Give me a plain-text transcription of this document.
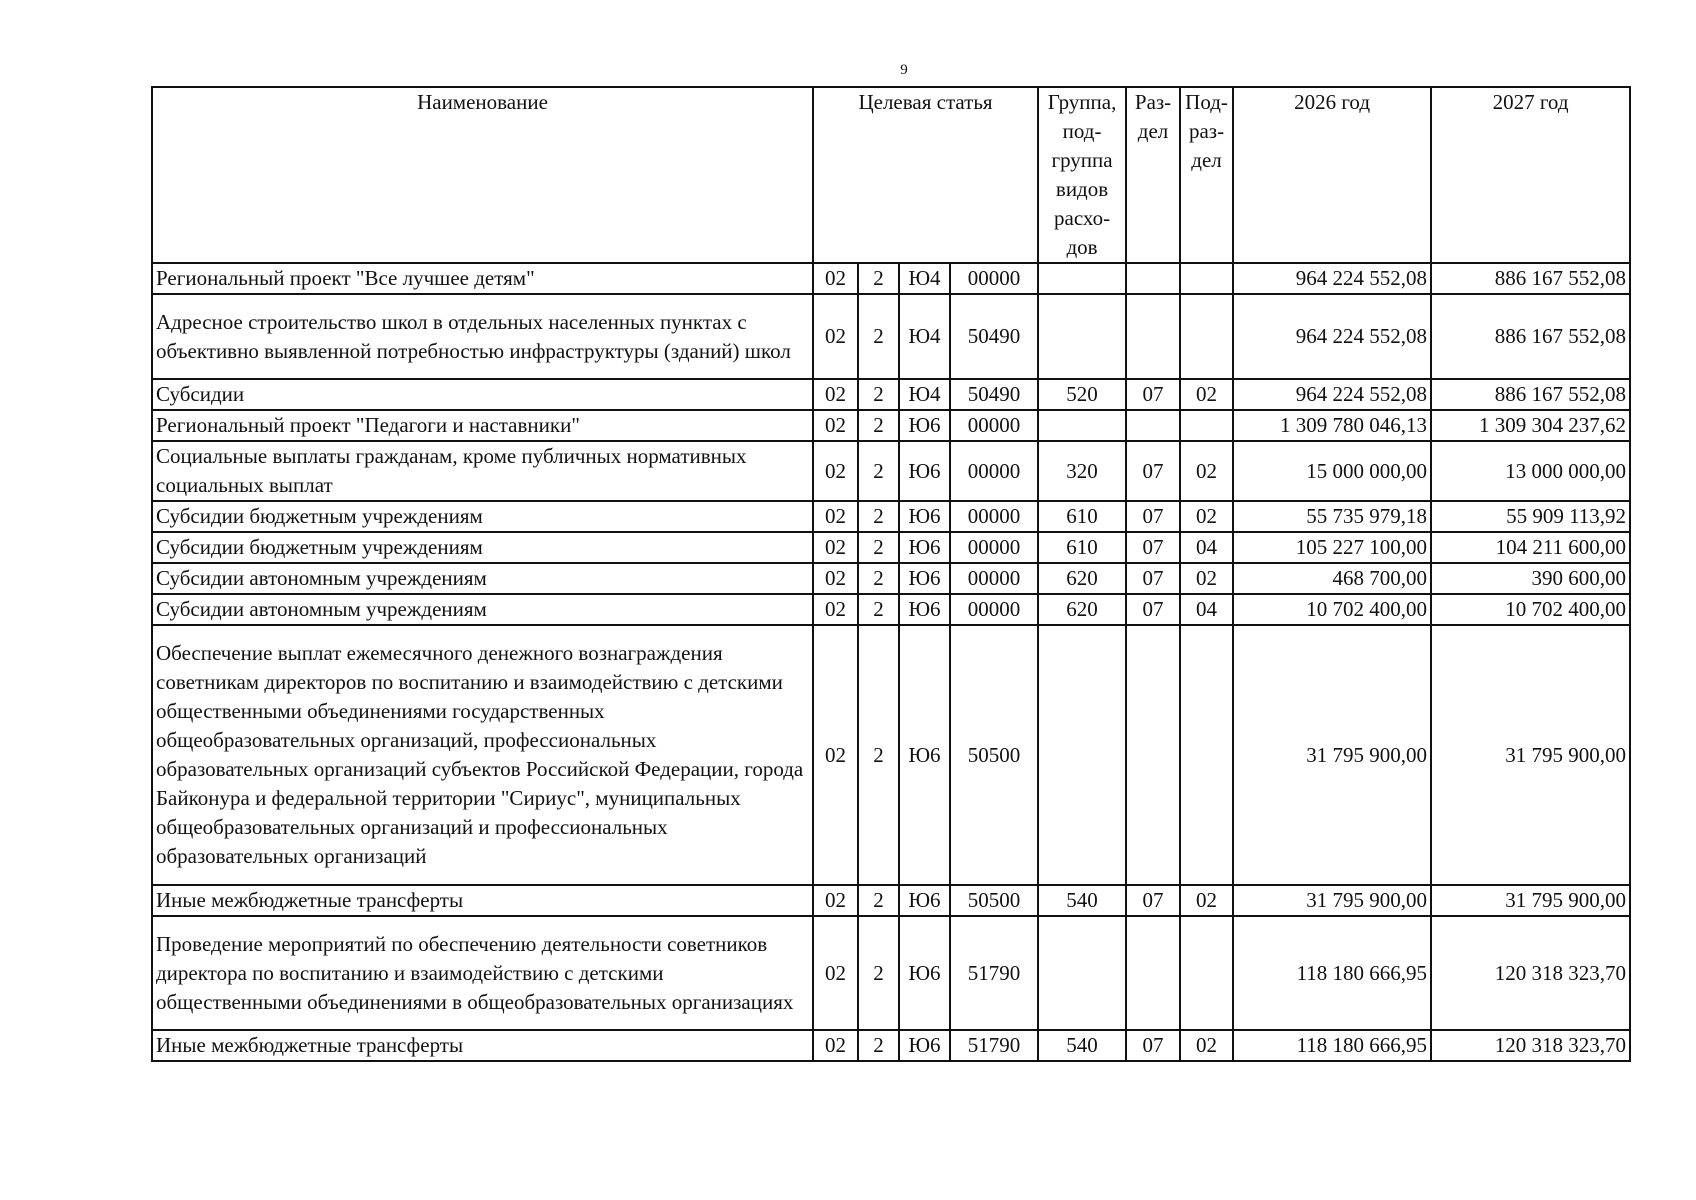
9
Наименование	Целевая статья				Группа, под-группа видов расхо-дов	Раз-дел	Под-раз-дел	2026 год	2027 год
Региональный проект "Все лучшее детям"	02	2	Ю4	00000				964 224 552,08	886 167 552,08
Адресное строительство школ в отдельных населенных пунктах с объективно выявленной потребностью инфраструктуры (зданий) школ	02	2	Ю4	50490				964 224 552,08	886 167 552,08
Субсидии	02	2	Ю4	50490	520	07	02	964 224 552,08	886 167 552,08
Региональный проект "Педагоги и наставники"	02	2	Ю6	00000				1 309 780 046,13	1 309 304 237,62
Социальные выплаты гражданам, кроме публичных нормативных социальных выплат	02	2	Ю6	00000	320	07	02	15 000 000,00	13 000 000,00
Субсидии бюджетным учреждениям	02	2	Ю6	00000	610	07	02	55 735 979,18	55 909 113,92
Субсидии бюджетным учреждениям	02	2	Ю6	00000	610	07	04	105 227 100,00	104 211 600,00
Субсидии автономным учреждениям	02	2	Ю6	00000	620	07	02	468 700,00	390 600,00
Субсидии автономным учреждениям	02	2	Ю6	00000	620	07	04	10 702 400,00	10 702 400,00
Обеспечение выплат ежемесячного денежного вознаграждения советникам директоров по воспитанию и взаимодействию с детскими общественными объединениями государственных общеобразовательных организаций, профессиональных образовательных организаций субъектов Российской Федерации, города Байконура и федеральной территории "Сириус", муниципальных общеобразовательных организаций и профессиональных образовательных организаций	02	2	Ю6	50500				31 795 900,00	31 795 900,00
Иные межбюджетные трансферты	02	2	Ю6	50500	540	07	02	31 795 900,00	31 795 900,00
Проведение мероприятий по обеспечению деятельности советников директора по воспитанию и взаимодействию с детскими общественными объединениями в общеобразовательных организациях	02	2	Ю6	51790				118 180 666,95	120 318 323,70
Иные межбюджетные трансферты	02	2	Ю6	51790	540	07	02	118 180 666,95	120 318 323,70
